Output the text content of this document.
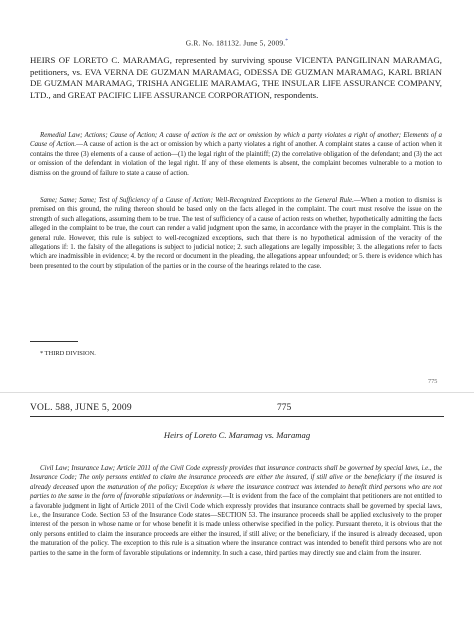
G.R. No. 181132. June 5, 2009.*
HEIRS OF LORETO C. MARAMAG, represented by surviving spouse VICENTA PANGILINAN MARAMAG, petitioners, vs. EVA VERNA DE GUZMAN MARAMAG, ODESSA DE GUZMAN MARAMAG, KARL BRIAN DE GUZMAN MARAMAG, TRISHA ANGELIE MARAMAG, THE INSULAR LIFE ASSURANCE COMPANY, LTD., and GREAT PACIFIC LIFE ASSURANCE CORPORATION, respondents.
Remedial Law; Actions; Cause of Action; A cause of action is the act or omission by which a party violates a right of another; Elements of a Cause of Action.—A cause of action is the act or omission by which a party violates a right of another. A complaint states a cause of action when it contains the three (3) elements of a cause of action—(1) the legal right of the plaintiff; (2) the correlative obligation of the defendant; and (3) the act or omission of the defendant in violation of the legal right. If any of these elements is absent, the complaint becomes vulnerable to a motion to dismiss on the ground of failure to state a cause of action.
Same; Same; Same; Test of Sufficiency of a Cause of Action; Well-Recognized Exceptions to the General Rule.—When a motion to dismiss is premised on this ground, the ruling thereon should be based only on the facts alleged in the complaint. The court must resolve the issue on the strength of such allegations, assuming them to be true. The test of sufficiency of a cause of action rests on whether, hypothetically admitting the facts alleged in the complaint to be true, the court can render a valid judgment upon the same, in accordance with the prayer in the complaint. This is the general rule. However, this rule is subject to well-recognized exceptions, such that there is no hypothetical admission of the veracity of the allegations if: 1. the falsity of the allegations is subject to judicial notice; 2. such allegations are legally impossible; 3. the allegations refer to facts which are inadmissible in evidence; 4. by the record or document in the pleading, the allegations appear unfounded; or 5. there is evidence which has been presented to the court by stipulation of the parties or in the course of the hearings related to the case.
* THIRD DIVISION.
775
VOL. 588, JUNE 5, 2009	775
Heirs of Loreto C. Maramag vs. Maramag
Civil Law; Insurance Law; Article 2011 of the Civil Code expressly provides that insurance contracts shall be governed by special laws, i.e., the Insurance Code; The only persons entitled to claim the insurance proceeds are either the insured, if still alive or the beneficiary if the insured is already deceased upon the maturation of the policy; Exception is where the insurance contract was intended to benefit third persons who are not parties to the same in the form of favorable stipulations or indemnity.—It is evident from the face of the complaint that petitioners are not entitled to a favorable judgment in light of Article 2011 of the Civil Code which expressly provides that insurance contracts shall be governed by special laws, i.e., the Insurance Code. Section 53 of the Insurance Code states—SECTION 53. The insurance proceeds shall be applied exclusively to the proper interest of the person in whose name or for whose benefit it is made unless otherwise specified in the policy. Pursuant thereto, it is obvious that the only persons entitled to claim the insurance proceeds are either the insured, if still alive; or the beneficiary, if the insured is already deceased, upon the maturation of the policy. The exception to this rule is a situation where the insurance contract was intended to benefit third persons who are not parties to the same in the form of favorable stipulations or indemnity. In such a case, third parties may directly sue and claim from the insurer.
